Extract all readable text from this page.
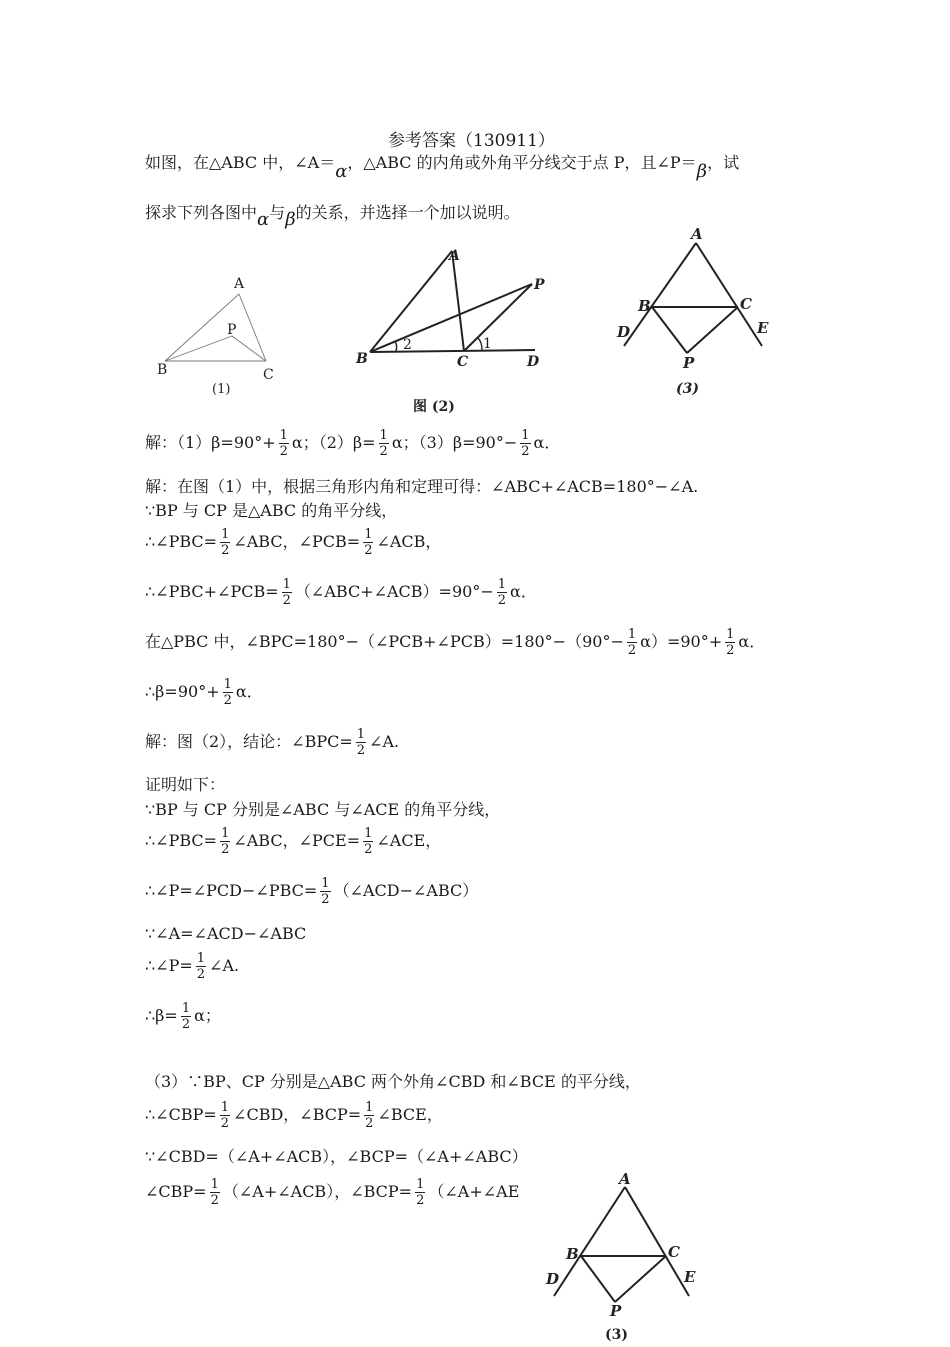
参考答案（130911）
如图，在△ABC 中，∠A＝α，△ABC 的内角或外角平分线交于点 P，且∠P＝β，试
探求下列各图中α与β的关系，并选择一个加以说明。
A
P
B	C
(1)
A
P
B	C	D
2	1
图 (2)
A
B	C
D	E
P
(3)
解：$(1)\beta=90^\circ+ \frac{1}{2}$ α；$(2)\beta= \frac{1}{2}$ α；$(3)\beta=90^\circ- \frac{1}{2}$ α．
解：在图（1）中，根据三角形内角和定理可得：∠ABC+∠ACB=180°−∠A.
∵BP 与 CP 是△ABC 的角平分线，
∴∠PBC= $\frac{1}{2}$ ∠ABC，∠PCB= $\frac{1}{2}$ ∠ACB，
∴∠PBC+∠PCB= $\frac{1}{2}$ （∠ABC+∠ACB）=90°− $\frac{1}{2}$ α．
在△PBC 中，∠BPC=180°−（∠PCB+∠PCB）=180°−（90°− $\frac{1}{2} \alpha)=90^\circ+ \frac{1}{2}$ α．
∴β=90°+ $\frac{1}{2}$ α．
解：图（2），结论：∠BPC= $\frac{1}{2}$ ∠A.
证明如下：
∵BP 与 CP 分别是∠ABC 与∠ACE 的角平分线，
∴∠PBC= $\frac{1}{2}$ ∠ABC，∠PCE= $\frac{1}{2}$ ∠ACE，
∴∠P=∠PCD−∠PBC= $\frac{1}{2}$ （∠ACD−∠ABC）
∵∠A=∠ACD−∠ABC
∴∠P= $\frac{1}{2}$ ∠A.
∴β= $\frac{1}{2}$ α；
（3）∵BP、CP 分别是△ABC 两个外角∠CBD 和∠BCE 的平分线，
∴∠CBP= $\frac{1}{2}$ ∠CBD，∠BCP= $\frac{1}{2}$ ∠BCE，
∵∠CBD=（∠A+∠ACB），∠BCP=（∠A+∠ABC）
∠CBP= $\frac{1}{2}$ （∠A+∠ACB），∠BCP= $\frac{1}{2}$ （∠A+∠AE
A
B	C
D	E
P
(3)
